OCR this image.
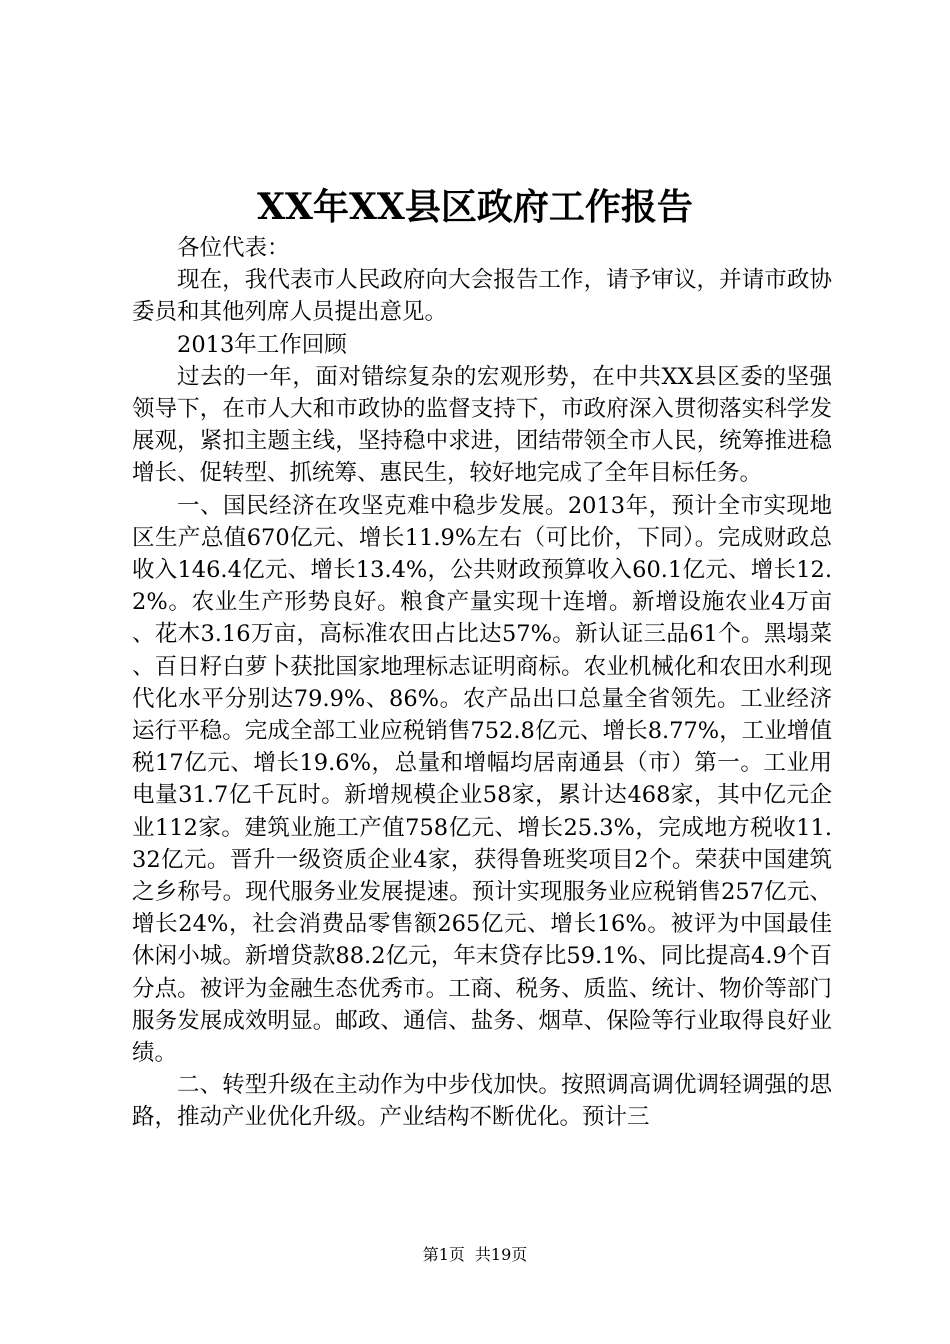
XX年XX县区政府工作报告

各位代表：

现在，我代表市人民政府向大会报告工作，请予审议，并请市政协委员和其他列席人员提出意见。

2013年工作回顾

过去的一年，面对错综复杂的宏观形势，在中共XX县区委的坚强领导下，在市人大和市政协的监督支持下，市政府深入贯彻落实科学发展观，紧扣主题主线，坚持稳中求进，团结带领全市人民，统筹推进稳增长、促转型、抓统筹、惠民生，较好地完成了全年目标任务。

一、国民经济在攻坚克难中稳步发展。2013年，预计全市实现地区生产总值670亿元、增长11.9%左右（可比价，下同）。完成财政总收入146.4亿元、增长13.4%，公共财政预算收入60.1亿元、增长12.2%。农业生产形势良好。粮食产量实现十连增。新增设施农业4万亩、花木3.16万亩，高标准农田占比达57%。新认证三品61个。黑塌菜、百日籽白萝卜获批国家地理标志证明商标。农业机械化和农田水利现代化水平分别达79.9%、86%。农产品出口总量全省领先。工业经济运行平稳。完成全部工业应税销售752.8亿元、增长8.77%，工业增值税17亿元、增长19.6%，总量和增幅均居南通县（市）第一。工业用电量31.7亿千瓦时。新增规模企业58家，累计达468家，其中亿元企业112家。建筑业施工产值758亿元、增长25.3%，完成地方税收11.32亿元。晋升一级资质企业4家，获得鲁班奖项目2个。荣获中国建筑之乡称号。现代服务业发展提速。预计实现服务业应税销售257亿元、增长24%，社会消费品零售额265亿元、增长16%。被评为中国最佳休闲小城。新增贷款88.2亿元，年末贷存比59.1%、同比提高4.9个百分点。被评为金融生态优秀市。工商、税务、质监、统计、物价等部门服务发展成效明显。邮政、通信、盐务、烟草、保险等行业取得良好业绩。

二、转型升级在主动作为中步伐加快。按照调高调优调轻调强的思路，推动产业优化升级。产业结构不断优化。预计三

第1页 共19页
